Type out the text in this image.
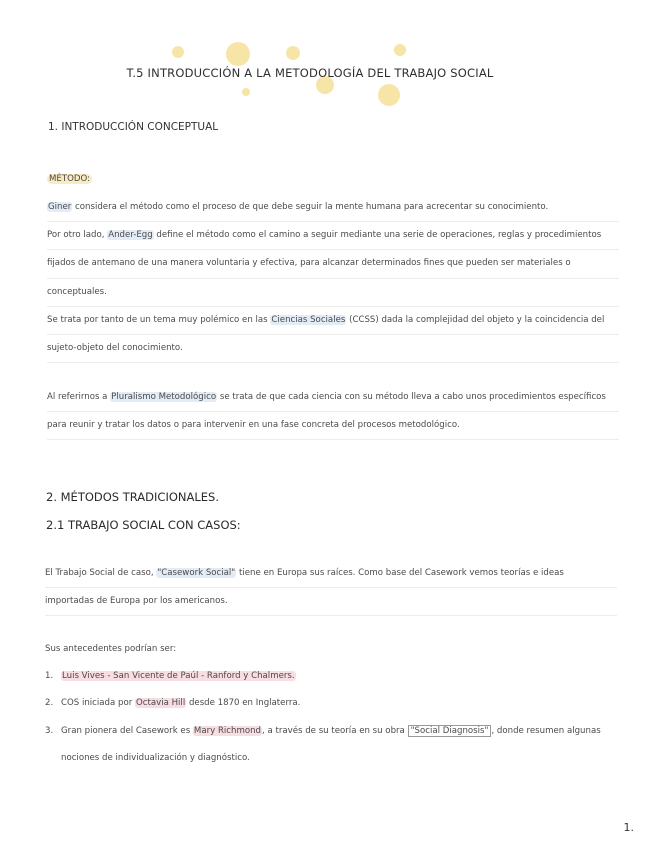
T.5 INTRODUCCIÓN A LA METODOLOGÍA DEL TRABAJO SOCIAL
1. INTRODUCCIÓN CONCEPTUAL
MÉTODO:
Giner considera el método como el proceso de que debe seguir la mente humana para acrecentar su conocimiento.
Por otro lado, Ander-Egg define el método como el camino a seguir mediante una serie de operaciones, reglas y procedimientos
fijados de antemano de una manera voluntaria y efectiva, para alcanzar determinados fines que pueden ser materiales o
conceptuales.
Se trata por tanto de un tema muy polémico en las Ciencias Sociales (CCSS) dada la complejidad del objeto y la coincidencia del
sujeto-objeto del conocimiento.
Al referirnos a Pluralismo Metodológico se trata de que cada ciencia con su método lleva a cabo unos procedimientos específicos
para reunir y tratar los datos o para intervenir en una fase concreta del procesos metodológico.
2. MÉTODOS TRADICIONALES.
2.1 TRABAJO SOCIAL CON CASOS:
El Trabajo Social de caso, "Casework Social" tiene en Europa sus raíces. Como base del Casework vemos teorías e ideas
importadas de Europa por los americanos.
Sus antecedentes podrían ser:
1. Luis Vives - San Vicente de Paúl - Ranford y Chalmers.
2. COS iniciada por Octavia Hill desde 1870 en Inglaterra.
3. Gran pionera del Casework es Mary Richmond, a través de su teoría en su obra "Social Diagnosis" , donde resumen algunas
nociones de individualización y diagnóstico.
1.
